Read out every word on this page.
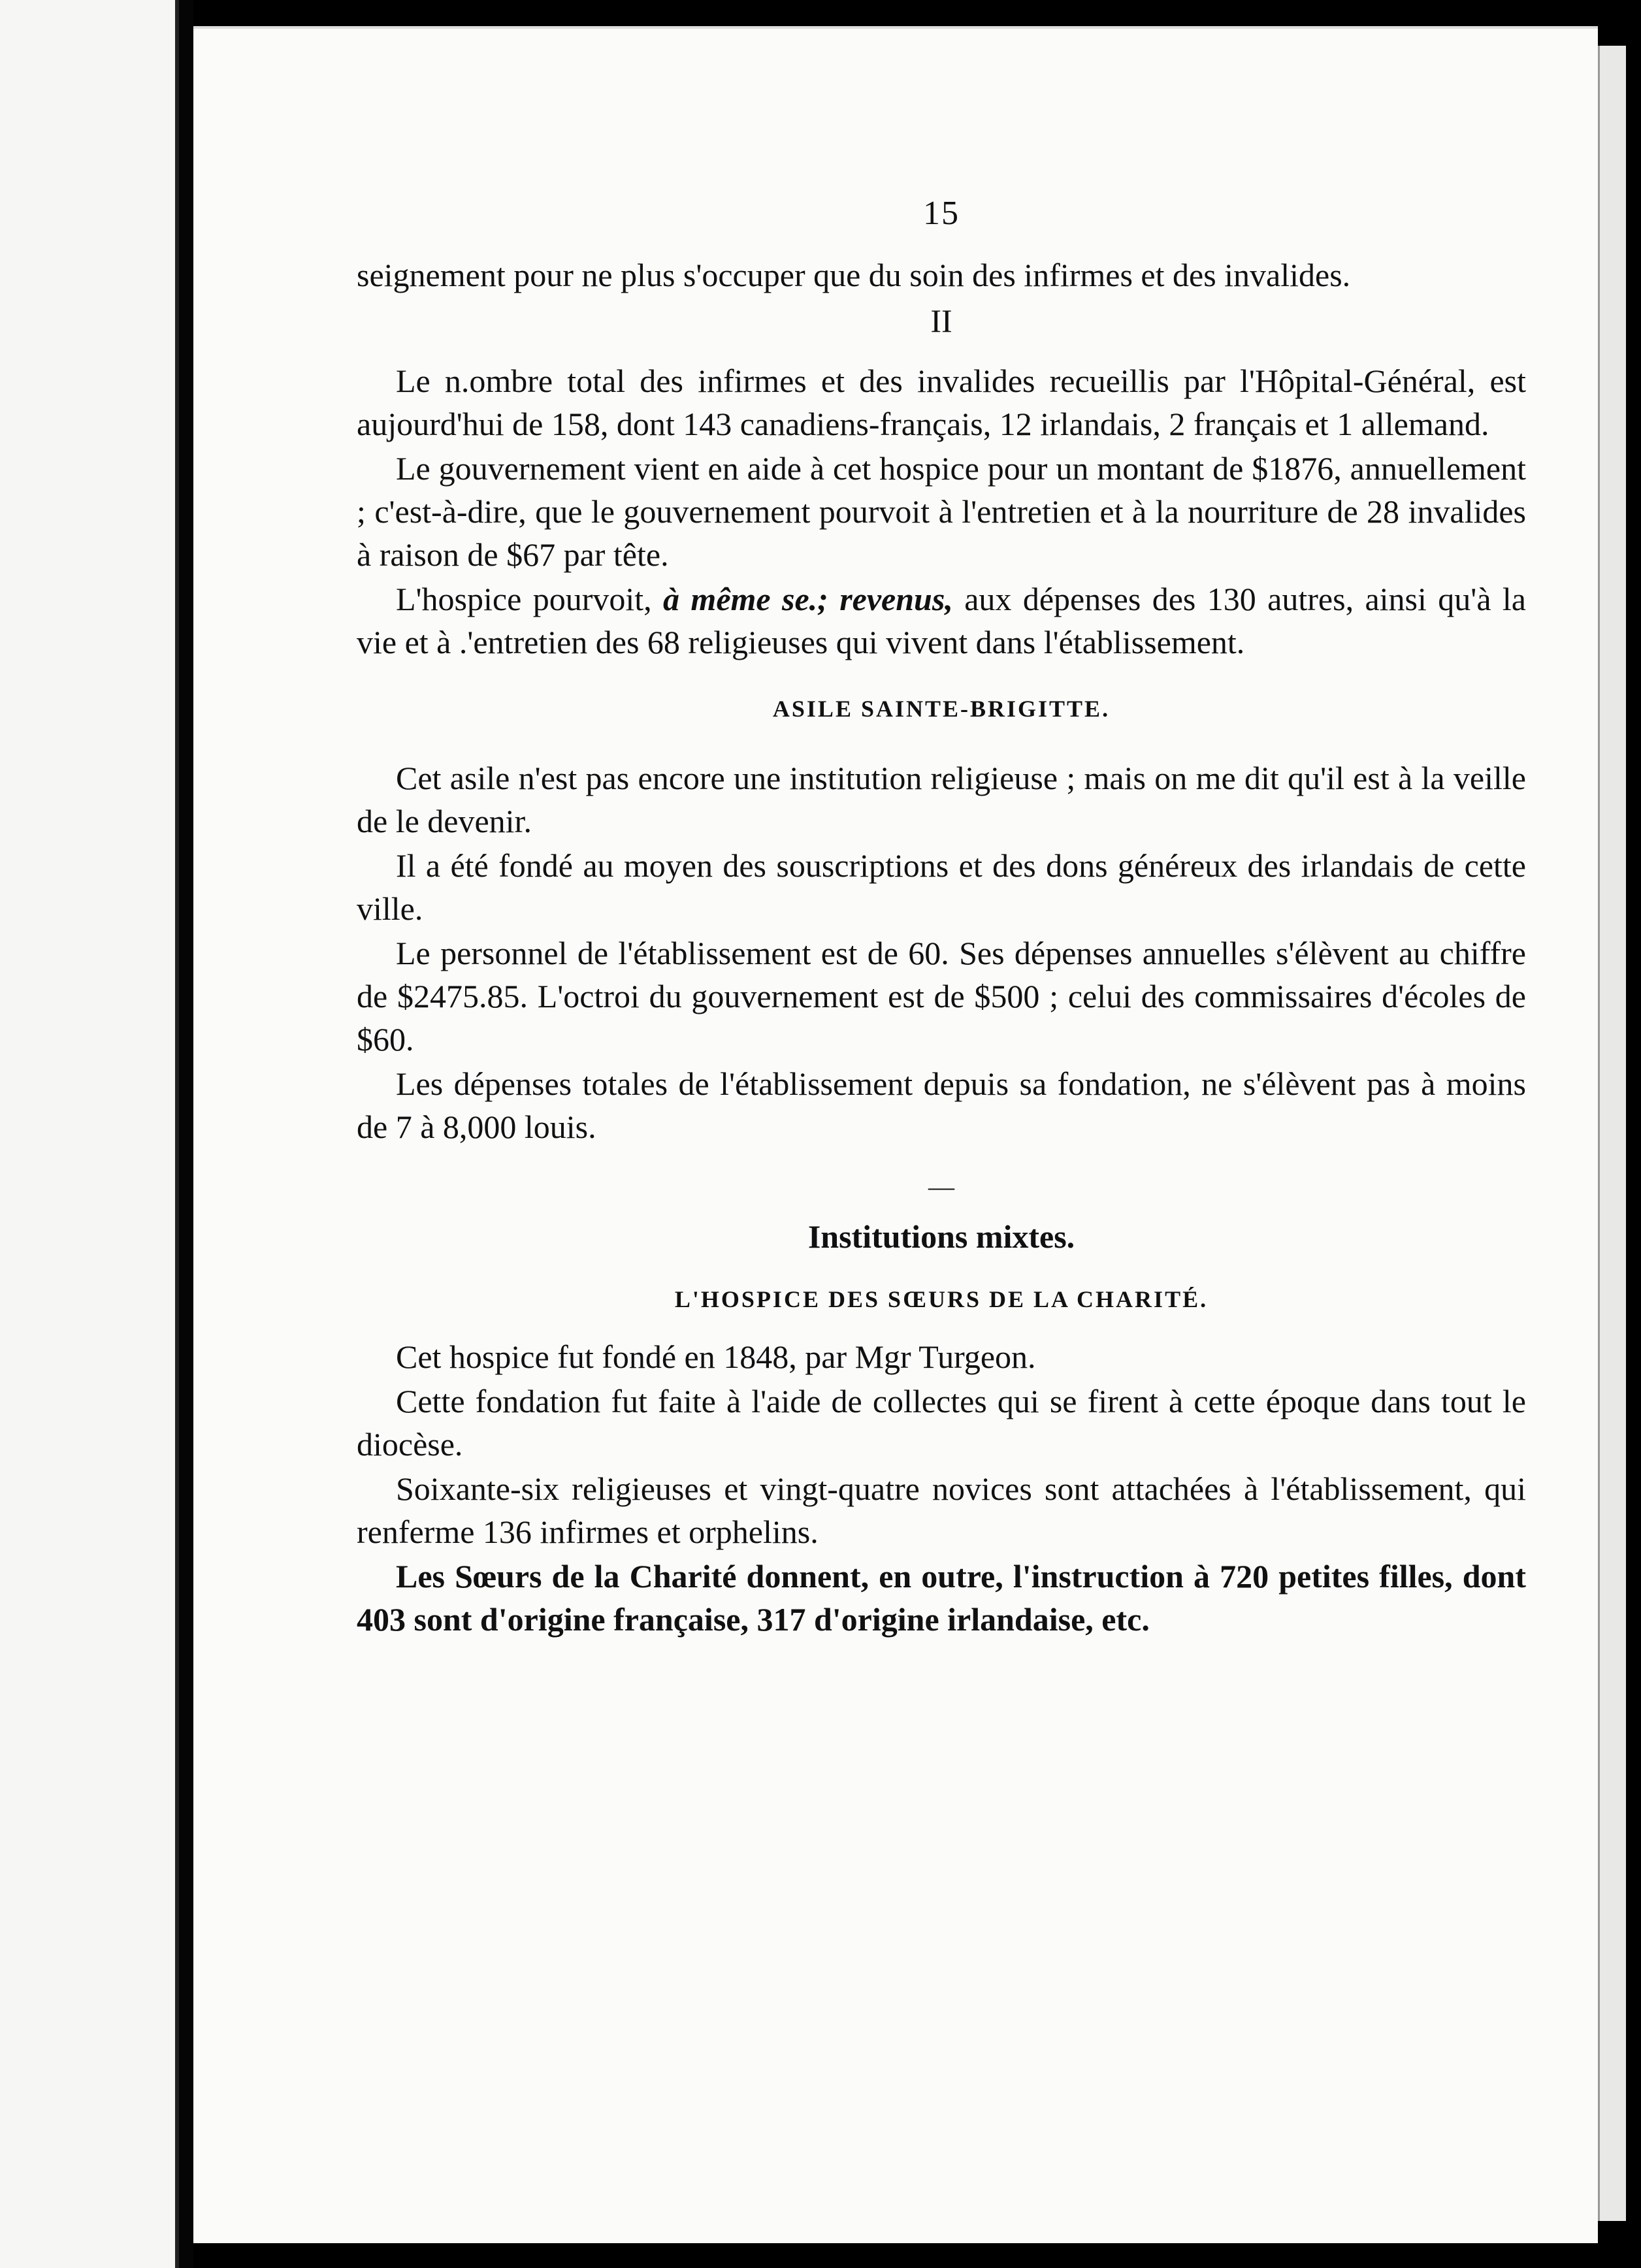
15

seignement pour ne plus s'occuper que du soin des infirmes et des invalides.

II

Le n.ombre total des infirmes et des invalides recueillis par l'Hôpital-Général, est aujourd'hui de 158, dont 143 canadiens-français, 12 irlandais, 2 français et 1 allemand.

Le gouvernement vient en aide à cet hospice pour un montant de $1876, annuellement ; c'est-à-dire, que le gouvernement pourvoit à l'entretien et à la nourriture de 28 invalides à raison de $67 par tête.

L'hospice pourvoit, à même se.; revenus, aux dépenses des 130 autres, ainsi qu'à la vie et à .'entretien des 68 religieuses qui vivent dans l'établissement.

ASILE SAINTE-BRIGITTE.

Cet asile n'est pas encore une institution religieuse ; mais on me dit qu'il est à la veille de le devenir.

Il a été fondé au moyen des souscriptions et des dons généreux des irlandais de cette ville.

Le personnel de l'établissement est de 60. Ses dépenses annuelles s'élèvent au chiffre de $2475.85. L'octroi du gouvernement est de $500 ; celui des commissaires d'écoles de $60.

Les dépenses totales de l'établissement depuis sa fondation, ne s'élèvent pas à moins de 7 à 8,000 louis.

—
Institutions mixtes.
L'HOSPICE DES SŒURS DE LA CHARITÉ.

Cet hospice fut fondé en 1848, par Mgr Turgeon.

Cette fondation fut faite à l'aide de collectes qui se firent à cette époque dans tout le diocèse.

Soixante-six religieuses et vingt-quatre novices sont attachées à l'établissement, qui renferme 136 infirmes et orphelins.

Les Sœurs de la Charité donnent, en outre, l'instruction à 720 petites filles, dont 403 sont d'origine française, 317 d'origine irlandaise, etc.
